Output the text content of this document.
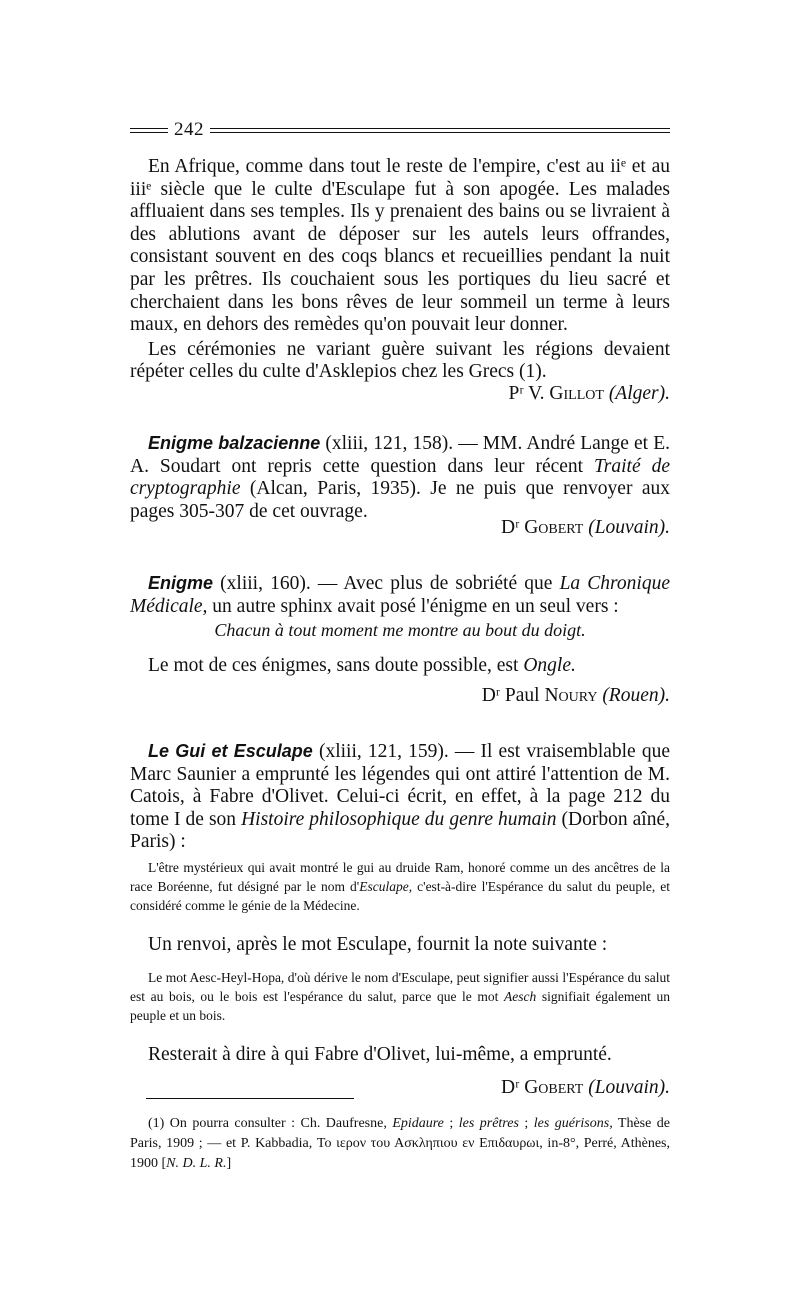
242

En Afrique, comme dans tout le reste de l'empire, c'est au iiᵉ et au iiiᵉ siècle que le culte d'Esculape fut à son apogée. Les malades affluaient dans ses temples. Ils y prenaient des bains ou se livraient à des ablutions avant de déposer sur les autels leurs offrandes, consistant souvent en des coqs blancs et recueillies pendant la nuit par les prêtres. Ils couchaient sous les portiques du lieu sacré et cherchaient dans les bons rêves de leur sommeil un terme à leurs maux, en dehors des remèdes qu'on pouvait leur donner.

Les cérémonies ne variant guère suivant les régions devaient répéter celles du culte d'Asklepios chez les Grecs (1).

Pʳ V. Gillot (Alger).

Enigme balzacienne (xliii, 121, 158). — MM. André Lange et E. A. Soudart ont repris cette question dans leur récent Traité de cryptographie (Alcan, Paris, 1935). Je ne puis que renvoyer aux pages 305-307 de cet ouvrage.

Dʳ Gobert (Louvain).

Enigme (xliii, 160). — Avec plus de sobriété que La Chronique Médicale, un autre sphinx avait posé l'énigme en un seul vers :

Chacun à tout moment me montre au bout du doigt.

Le mot de ces énigmes, sans doute possible, est Ongle.

Dʳ Paul Noury (Rouen).

Le Gui et Esculape (xliii, 121, 159). — Il est vraisemblable que Marc Saunier a emprunté les légendes qui ont attiré l'attention de M. Catois, à Fabre d'Olivet. Celui-ci écrit, en effet, à la page 212 du tome I de son Histoire philosophique du genre humain (Dorbon aîné, Paris) :

L'être mystérieux qui avait montré le gui au druide Ram, honoré comme un des ancêtres de la race Boréenne, fut désigné par le nom d'Esculape, c'est-à-dire l'Espérance du salut du peuple, et considéré comme le génie de la Médecine.

Un renvoi, après le mot Esculape, fournit la note suivante :

Le mot Aesc-Heyl-Hopa, d'où dérive le nom d'Esculape, peut signifier aussi l'Espérance du salut est au bois, ou le bois est l'espérance du salut, parce que le mot Aesch signifiait également un peuple et un bois.

Resterait à dire à qui Fabre d'Olivet, lui-même, a emprunté.

Dʳ Gobert (Louvain).

(1) On pourra consulter : Ch. Daufresne, Epidaure ; les prêtres ; les guérisons, Thèse de Paris, 1909 ; — et P. Kabbadia, Το ιερον του Ασκληπιου εν Επιδαυρωι, in-8°, Perré, Athènes, 1900 [N. D. L. R.]
